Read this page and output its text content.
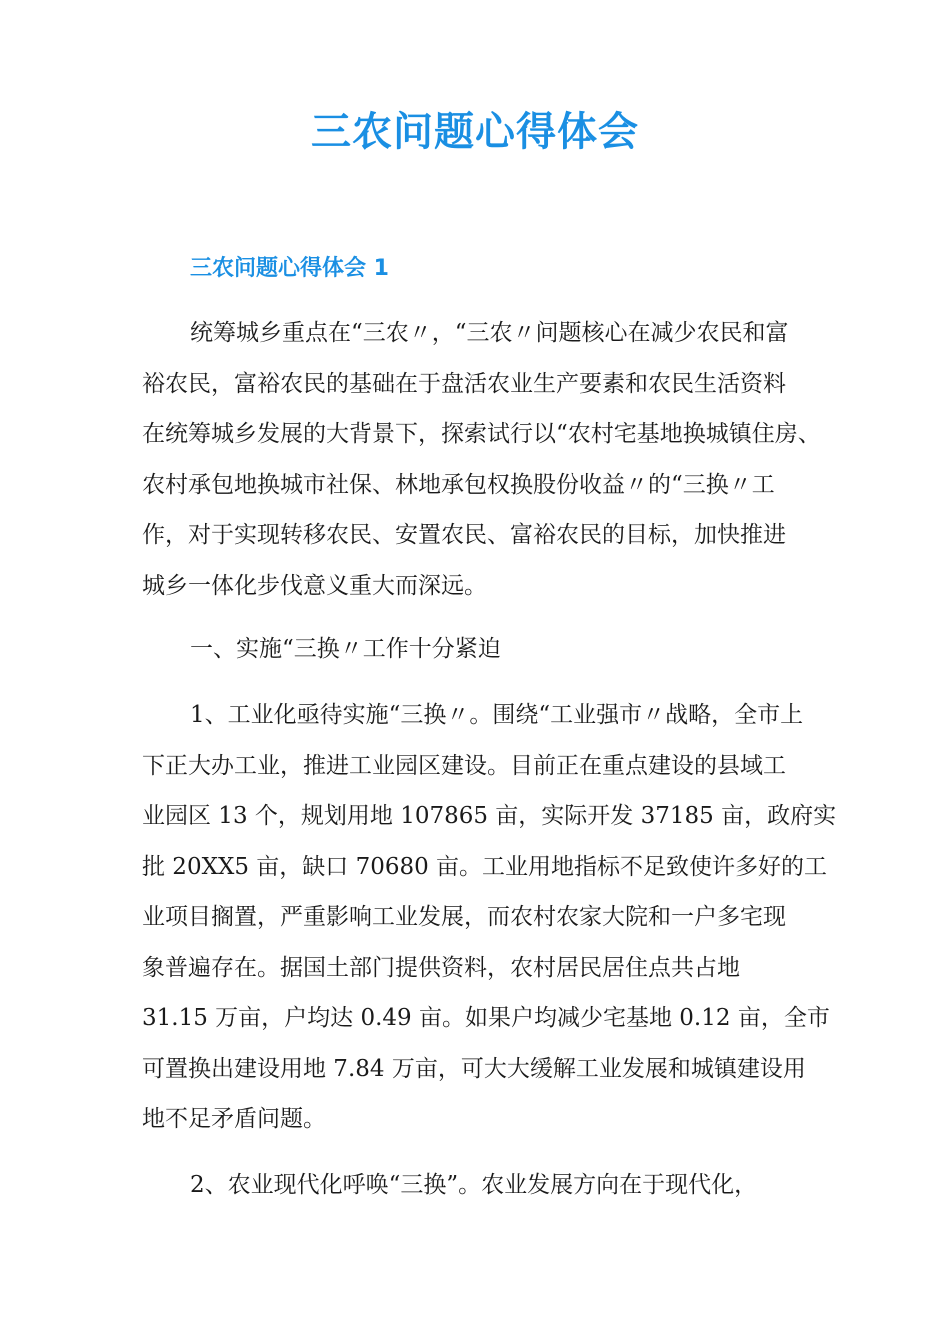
三农问题心得体会
三农问题心得体会 1

统筹城乡重点在“三农〃，“三农〃问题核心在减少农民和富
裕农民，富裕农民的基础在于盘活农业生产要素和农民生活资料
在统筹城乡发展的大背景下，探索试行以“农村宅基地换城镇住房、
农村承包地换城市社保、林地承包权换股份收益〃的“三换〃工
作，对于实现转移农民、安置农民、富裕农民的目标，加快推进
城乡一体化步伐意义重大而深远。

一、实施“三换〃工作十分紧迫

1、工业化亟待实施“三换〃。围绕“工业强市〃战略，全市上
下正大办工业，推进工业园区建设。目前正在重点建设的县域工
业园区 13 个，规划用地 107865 亩，实际开发 37185 亩，政府实
批 20XX5 亩，缺口 70680 亩。工业用地指标不足致使许多好的工
业项目搁置，严重影响工业发展，而农村农家大院和一户多宅现
象普遍存在。据国土部门提供资料，农村居民居住点共占地
31.15 万亩，户均达 0.49 亩。如果户均减少宅基地 0.12 亩，全市
可置换出建设用地 7.84 万亩，可大大缓解工业发展和城镇建设用
地不足矛盾问题。

2、农业现代化呼唤“三换”。农业发展方向在于现代化，
